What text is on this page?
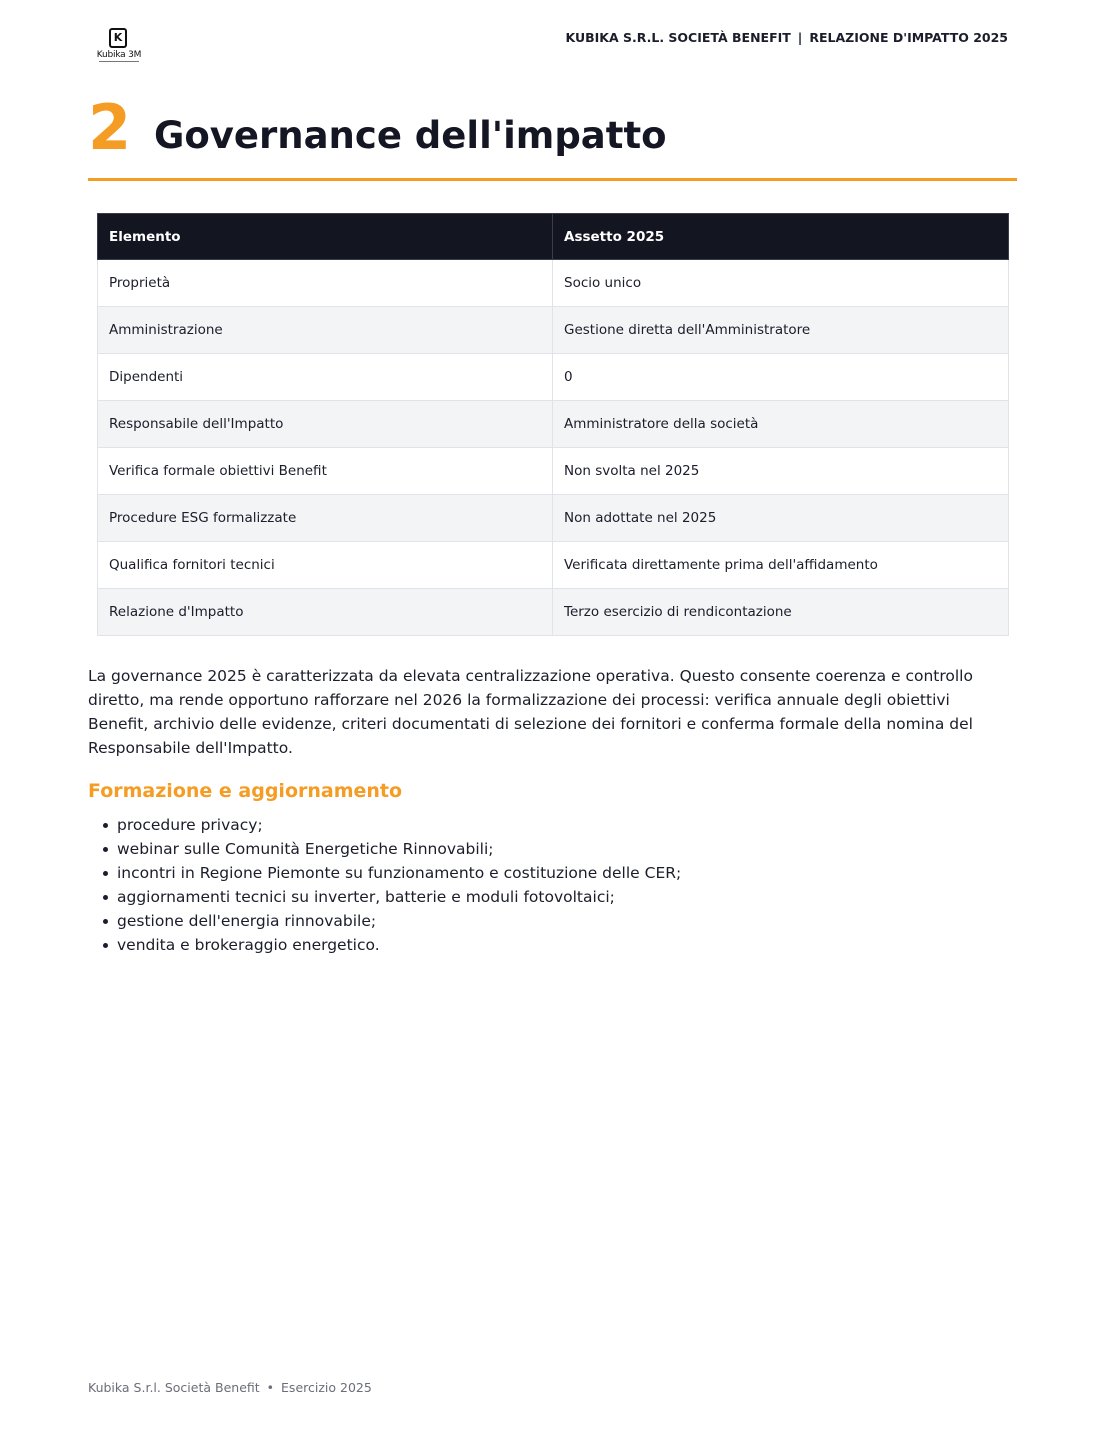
K
Kubika 3M
KUBIKA S.R.L. SOCIETÀ BENEFIT | RELAZIONE D'IMPATTO 2025
2 Governance dell'impatto
Elemento	Assetto 2025
Proprietà	Socio unico
Amministrazione	Gestione diretta dell'Amministratore
Dipendenti	0
Responsabile dell'Impatto	Amministratore della società
Verifica formale obiettivi Benefit	Non svolta nel 2025
Procedure ESG formalizzate	Non adottate nel 2025
Qualifica fornitori tecnici	Verificata direttamente prima dell'affidamento
Relazione d'Impatto	Terzo esercizio di rendicontazione

La governance 2025 è caratterizzata da elevata centralizzazione operativa. Questo consente coerenza e controllo diretto, ma rende opportuno rafforzare nel 2026 la formalizzazione dei processi: verifica annuale degli obiettivi Benefit, archivio delle evidenze, criteri documentati di selezione dei fornitori e conferma formale della nomina del Responsabile dell'Impatto.

Formazione e aggiornamento
procedure privacy;
webinar sulle Comunità Energetiche Rinnovabili;
incontri in Regione Piemonte su funzionamento e costituzione delle CER;
aggiornamenti tecnici su inverter, batterie e moduli fotovoltaici;
gestione dell'energia rinnovabile;
vendita e brokeraggio energetico.
Kubika S.r.l. Società Benefit • Esercizio 2025
